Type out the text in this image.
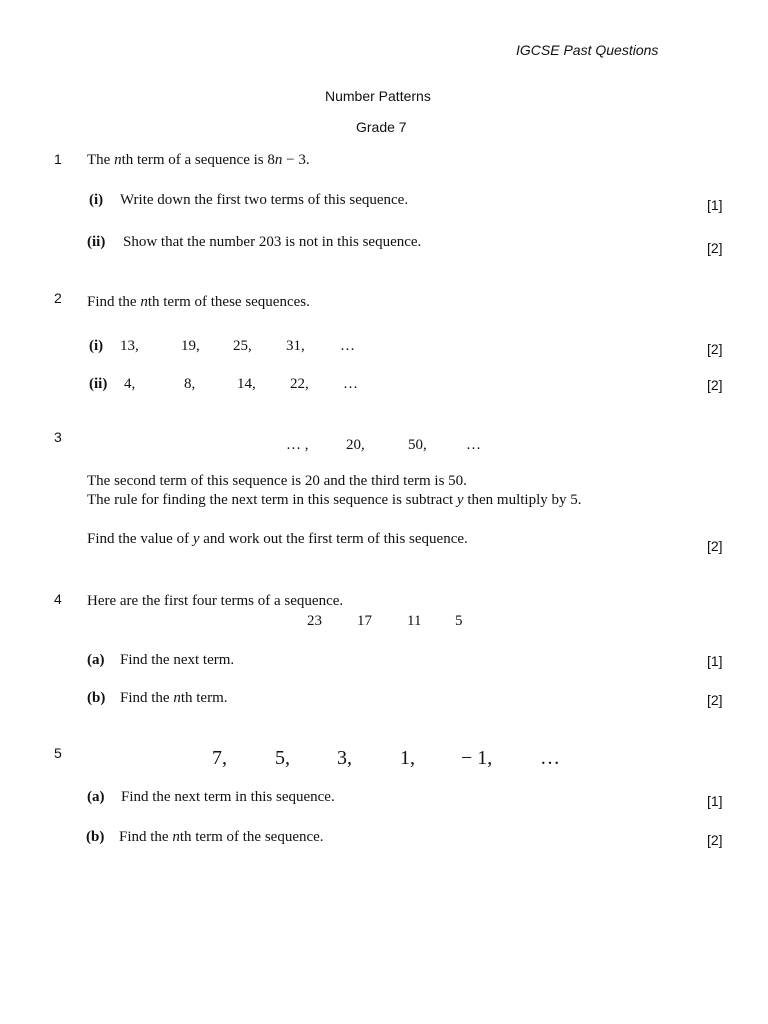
IGCSE Past Questions
Number Patterns
Grade 7
1 The nth term of a sequence is 8n − 3.
(i) Write down the first two terms of this sequence.	[1]
(ii) Show that the number 203 is not in this sequence.	[2]
2 Find the nth term of these sequences.
(i) 13,	19, 25, 31, …	[2]
(ii) 4,	8,	14, 22, …	[2]
3	… ,	20,	50,	…
The second term of this sequence is 20 and the third term is 50.
The rule for finding the next term in this sequence is subtract y then multiply by 5.
Find the value of y and work out the first term of this sequence.	[2]
4 Here are the first four terms of a sequence.
23 17 11 5
(a) Find the next term.	[1]
(b) Find the nth term.	[2]
5	7, 5, 3, 1, − 1, …
(a) Find the next term in this sequence.	[1]
(b) Find the nth term of the sequence.	[2]
